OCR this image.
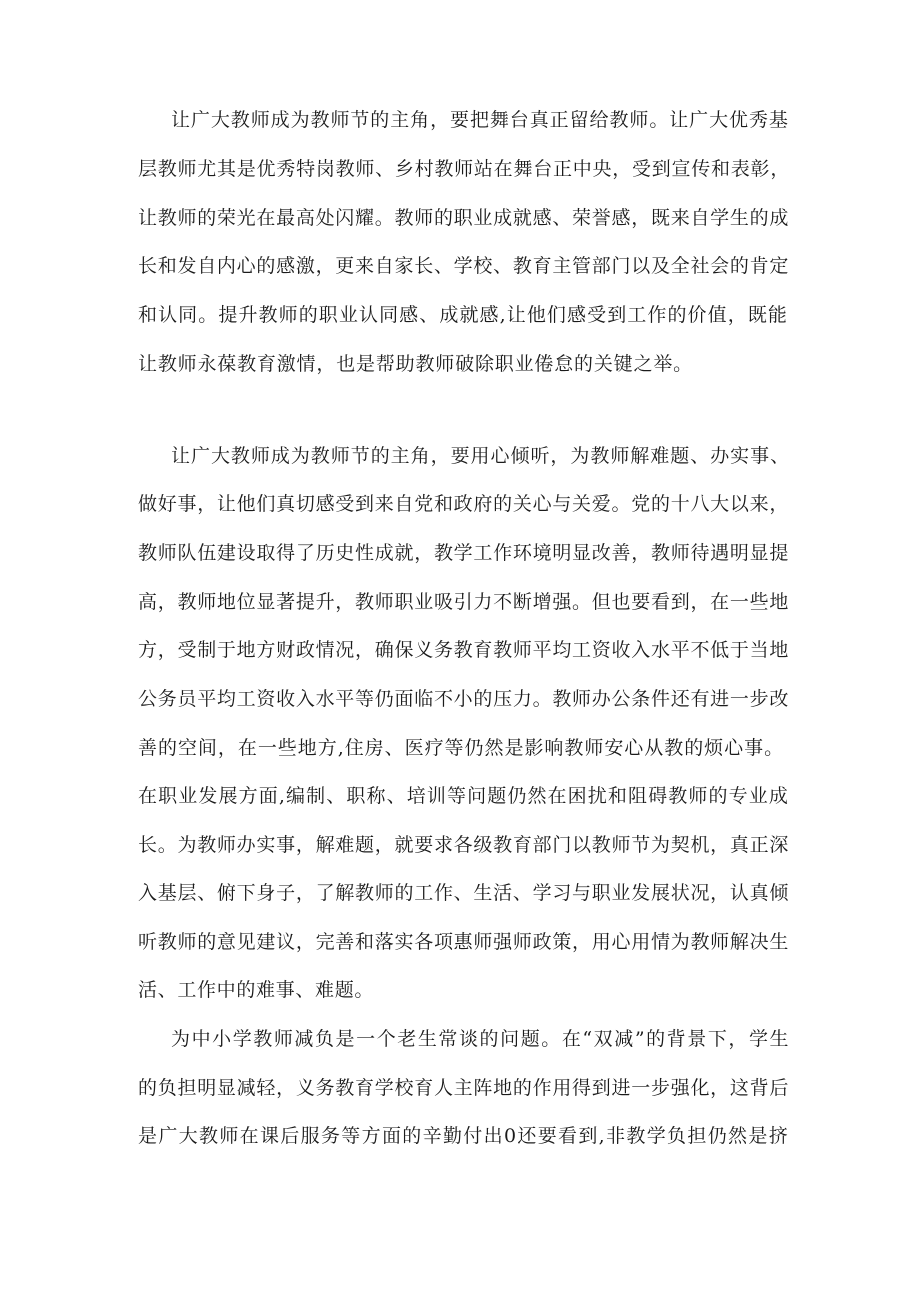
让广大教师成为教师节的主角，要把舞台真正留给教师。让广大优秀基
层教师尤其是优秀特岗教师、乡村教师站在舞台正中央，受到宣传和表彰，
让教师的荣光在最高处闪耀。教师的职业成就感、荣誉感，既来自学生的成
长和发自内心的感激，更来自家长、学校、教育主管部门以及全社会的肯定
和认同。提升教师的职业认同感、成就感,让他们感受到工作的价值，既能
让教师永葆教育激情，也是帮助教师破除职业倦怠的关键之举。
让广大教师成为教师节的主角，要用心倾听，为教师解难题、办实事、
做好事，让他们真切感受到来自党和政府的关心与关爱。党的十八大以来，
教师队伍建设取得了历史性成就，教学工作环境明显改善，教师待遇明显提
高，教师地位显著提升，教师职业吸引力不断增强。但也要看到，在一些地
方，受制于地方财政情况，确保义务教育教师平均工资收入水平不低于当地
公务员平均工资收入水平等仍面临不小的压力。教师办公条件还有进一步改
善的空间，在一些地方,住房、医疗等仍然是影响教师安心从教的烦心事。
在职业发展方面,编制、职称、培训等问题仍然在困扰和阻碍教师的专业成
长。为教师办实事，解难题，就要求各级教育部门以教师节为契机，真正深
入基层、俯下身子，了解教师的工作、生活、学习与职业发展状况，认真倾
听教师的意见建议，完善和落实各项惠师强师政策，用心用情为教师解决生
活、工作中的难事、难题。
为中小学教师减负是一个老生常谈的问题。在“双减”的背景下，学生
的负担明显减轻，义务教育学校育人主阵地的作用得到进一步强化，这背后
是广大教师在课后服务等方面的辛勤付出0还要看到,非教学负担仍然是挤
